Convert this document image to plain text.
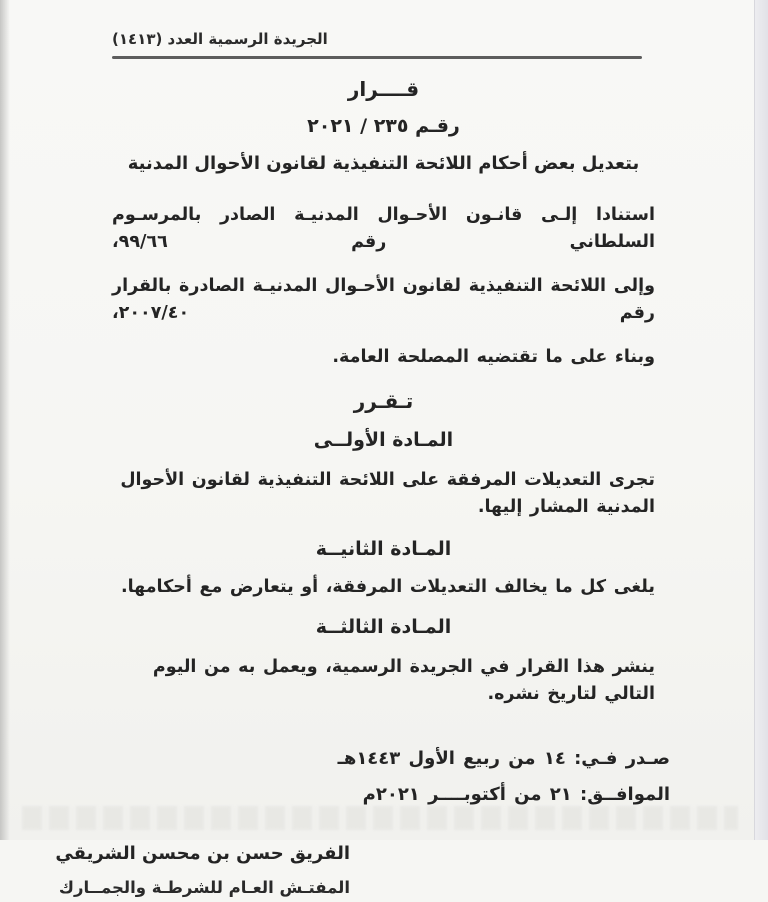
الجريدة الرسمية العدد (١٤١٣)
قــــرار
رقـم ٢٣٥ / ٢٠٢١
بتعديل بعض أحكام اللائحة التنفيذية لقانون الأحوال المدنية

استنادا إلـى قانـون الأحـوال المدنيـة الصادر بالمرسـوم السلطاني رقم ٦٦/‏٩٩،

وإلى اللائحة التنفيذية لقانون الأحـوال المدنيـة الصادرة بالقرار رقم ٤٠/‏٢٠٠٧،

وبناء على ما تقتضيه المصلحة العامة.

تـقـرر
المـادة الأولــى

تجرى التعديلات المرفقة على اللائحة التنفيذية لقانون الأحوال المدنية المشار إليها.

المـادة الثانيــة

يلغى كل ما يخالف التعديلات المرفقة، أو يتعارض مع أحكامها.

المـادة الثالثــة

ينشر هذا القرار في الجريدة الرسمية، ويعمل به من اليوم التالي لتاريخ نشره.

صـدر فـي: ١٤ من ربيع الأول ١٤٤٣هـ
الموافــق: ٢١ من أكتوبــــر ٢٠٢١م
الفريق حسن بن محسن الشريقي
المفتـش العـام للشرطـة والجمــارك
